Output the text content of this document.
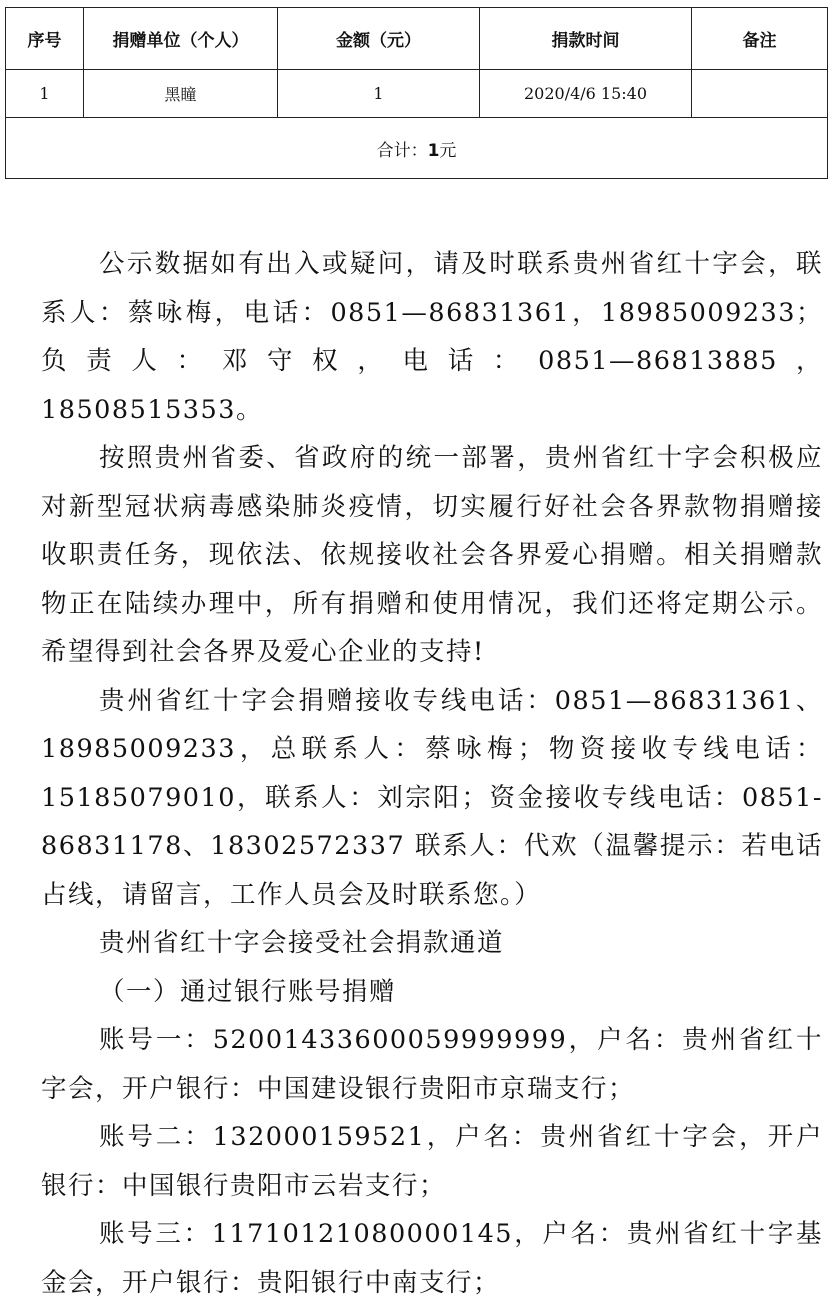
序号	捐赠单位（个人）	金额（元）	捐款时间	备注
1	黑瞳	1	2020/4/6 15:40	
合计：1元				

公示数据如有出入或疑问，请及时联系贵州省红十字会，联系人：蔡咏梅，电话：0851—86831361，18985009233；负责人：邓守权，电话：0851—86813885，18508515353。

按照贵州省委、省政府的统一部署，贵州省红十字会积极应对新型冠状病毒感染肺炎疫情，切实履行好社会各界款物捐赠接收职责任务，现依法、依规接收社会各界爱心捐赠。相关捐赠款物正在陆续办理中，所有捐赠和使用情况，我们还将定期公示。希望得到社会各界及爱心企业的支持!

贵州省红十字会捐赠接收专线电话：0851—86831361、18985009233，总联系人：蔡咏梅；物资接收专线电话：15185079010，联系人：刘宗阳；资金接收专线电话：0851-86831178、18302572337 联系人：代欢（温馨提示：若电话占线，请留言，工作人员会及时联系您。）

贵州省红十字会接受社会捐款通道

（一）通过银行账号捐赠

账号一：52001433600059999999，户名：贵州省红十字会，开户银行：中国建设银行贵阳市京瑞支行；

账号二：132000159521，户名：贵州省红十字会，开户银行：中国银行贵阳市云岩支行；

账号三：11710121080000145，户名：贵州省红十字基金会，开户银行：贵阳银行中南支行；
